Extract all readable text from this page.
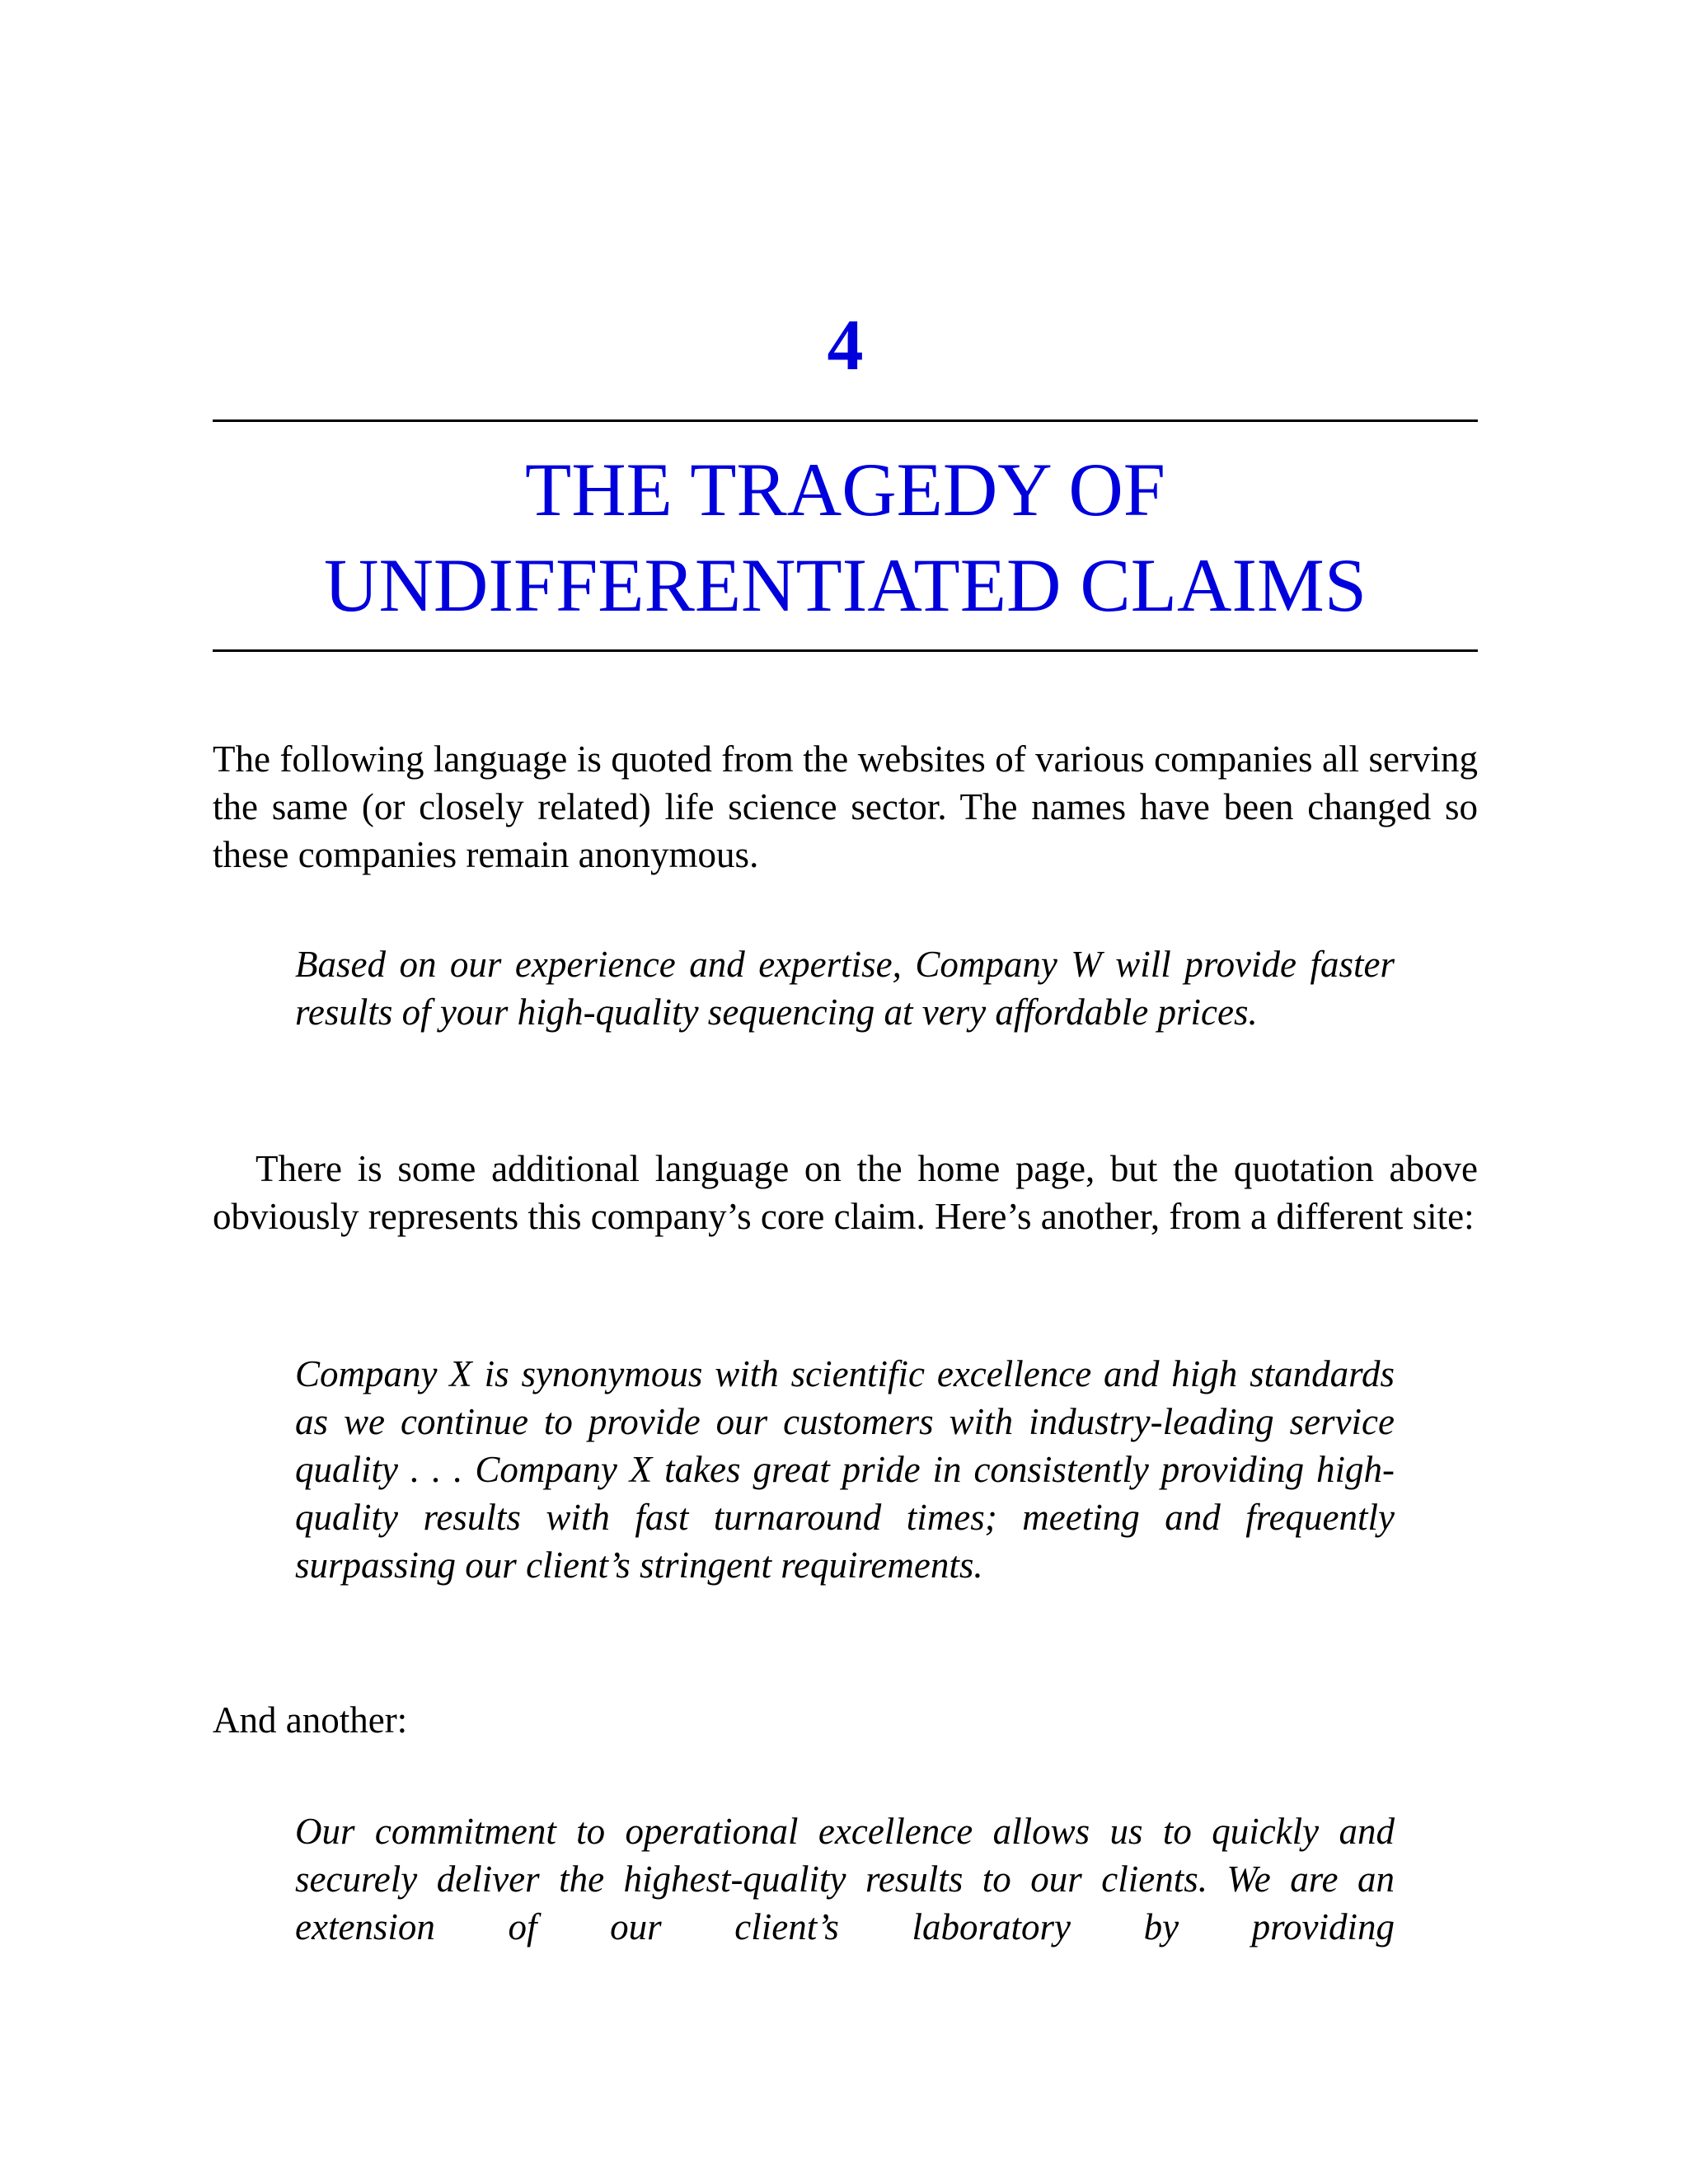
4
THE TRAGEDY OF
UNDIFFERENTIATED CLAIMS

The following language is quoted from the websites of various companies all serving the same (or closely related) life science sector. The names have been changed so these companies remain anonymous.

Based on our experience and expertise, Company W will provide faster results of your high-quality sequencing at very affordable prices.

There is some additional language on the home page, but the quotation above obviously represents this company’s core claim. Here’s another, from a different site:

Company X is synonymous with scientific excellence and high standards as we continue to provide our customers with industry-leading service quality . . . Company X takes great pride in consistently providing high-quality results with fast turnaround times; meeting and frequently surpassing our client’s stringent requirements.

And another:

Our commitment to operational excellence allows us to quickly and securely deliver the highest-quality results to our clients. We are an extension of our client’s laboratory by providing
